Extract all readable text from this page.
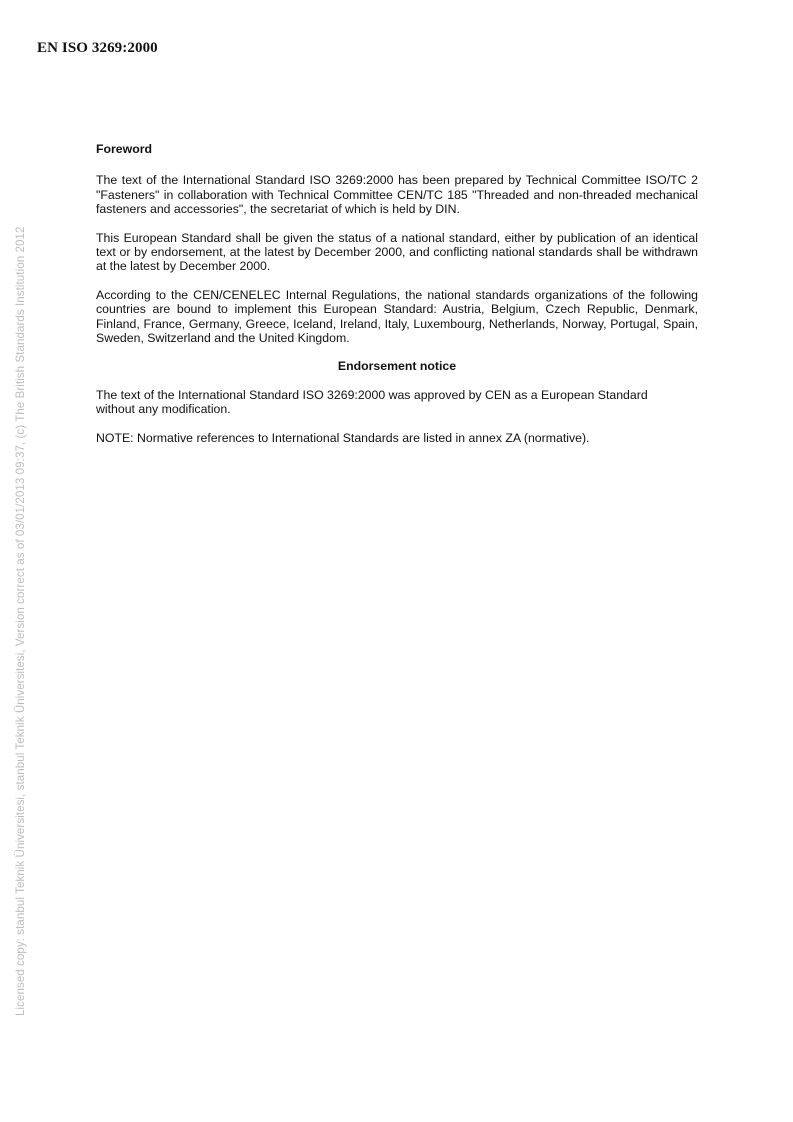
EN ISO 3269:2000
Licensed copy: stanbul Teknik Üniversitesi, stanbul Teknik Üniversitesi, Version correct as of 03/01/2013 09:37, (c) The British Standards Institution 2012
Foreword

The text of the International Standard ISO 3269:2000 has been prepared by Technical Committee ISO/TC 2 "Fasteners" in collaboration with Technical Committee CEN/TC 185 "Threaded and non-threaded mechanical fasteners and accessories", the secretariat of which is held by DIN.

This European Standard shall be given the status of a national standard, either by publication of an identical text or by endorsement, at the latest by December 2000, and conflicting national standards shall be withdrawn at the latest by December 2000.

According to the CEN/CENELEC Internal Regulations, the national standards organizations of the following countries are bound to implement this European Standard: Austria, Belgium, Czech Republic, Denmark, Finland, France, Germany, Greece, Iceland, Ireland, Italy, Luxembourg, Netherlands, Norway, Portugal, Spain, Sweden, Switzerland and the United Kingdom.

Endorsement notice

The text of the International Standard ISO 3269:2000 was approved by CEN as a European Standard without any modification.

NOTE: Normative references to International Standards are listed in annex ZA (normative).
